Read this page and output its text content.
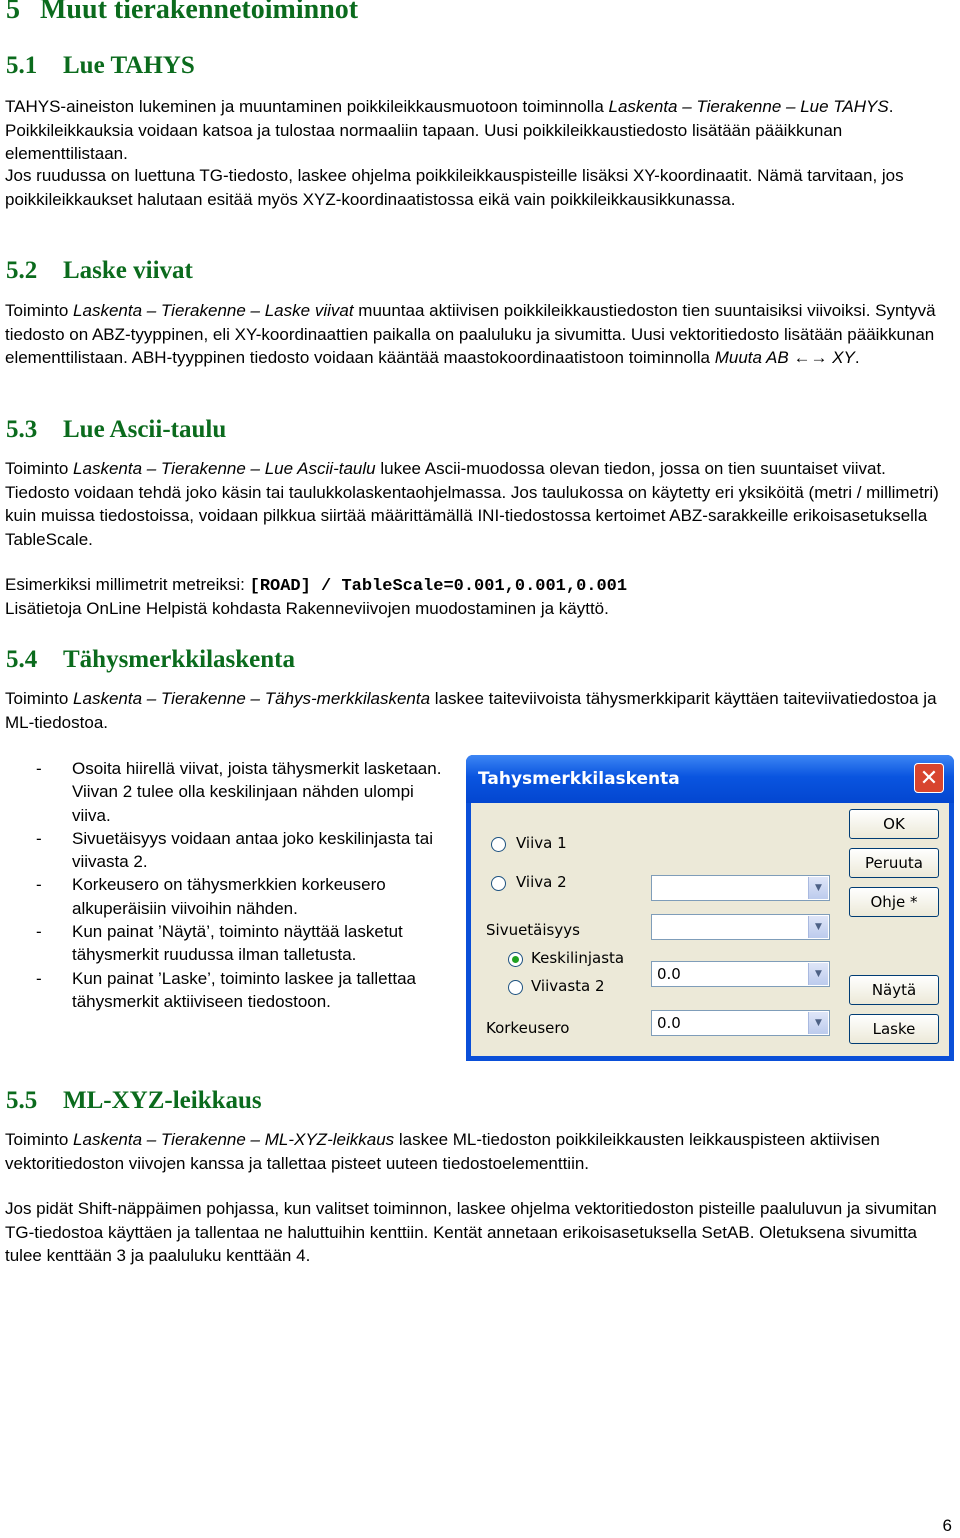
5 Muut tierakennetoiminnot
5.1 Lue TAHYS
TAHYS-aineiston lukeminen ja muuntaminen poikkileikkausmuotoon toiminnolla Laskenta – Tierakenne – Lue TAHYS. Poikkileikkauksia voidaan katsoa ja tulostaa normaaliin tapaan. Uusi poikkileikkaustiedosto lisätään pääikkunan elementtilistaan.
Jos ruudussa on luettuna TG-tiedosto, laskee ohjelma poikkileikkauspisteille lisäksi XY-koordinaatit. Nämä tarvitaan, jos poikkileikkaukset halutaan esitää myös XYZ-koordinaatistossa eikä vain poikkileikkausikkunassa.
5.2 Laske viivat
Toiminto Laskenta – Tierakenne – Laske viivat muuntaa aktiivisen poikkileikkaustiedoston tien suuntaisiksi viivoiksi. Syntyvä tiedosto on ABZ-tyyppinen, eli XY-koordinaattien paikalla on paaluluku ja sivumitta. Uusi vektoritiedosto lisätään pääikkunan elementtilistaan. ABH-tyyppinen tiedosto voidaan kääntää maastokoordinaatistoon toiminnolla Muuta AB ←→ XY.
5.3 Lue Ascii-taulu
Toiminto Laskenta – Tierakenne – Lue Ascii-taulu lukee Ascii-muodossa olevan tiedon, jossa on tien suuntaiset viivat. Tiedosto voidaan tehdä joko käsin tai taulukkolaskentaohjelmassa. Jos taulukossa on käytetty eri yksiköitä (metri / millimetri) kuin muissa tiedostoissa, voidaan pilkkua siirtää määrittämällä INI-tiedostossa kertoimet ABZ-sarakkeille erikoisasetuksella TableScale.
Esimerkiksi millimetrit metreiksi: [ROAD] / TableScale=0.001,0.001,0.001
Lisätietoja OnLine Helpistä kohdasta Rakenneviivojen muodostaminen ja käyttö.
5.4 Tähysmerkkilaskenta
Toiminto Laskenta – Tierakenne – Tähys-merkkilaskenta laskee taiteviivoista tähysmerkkiparit käyttäen taiteviivatiedostoa ja ML-tiedostoa.
- Osoita hiirellä viivat, joista tähysmerkit lasketaan. Viivan 2 tulee olla keskilinjaan nähden ulompi viiva.
- Sivuetäisyys voidaan antaa joko keskilinjasta tai viivasta 2.
- Korkeusero on tähysmerkkien korkeusero alkuperäisiin viivoihin nähden.
- Kun painat ’Näytä’, toiminto näyttää lasketut tähysmerkit ruudussa ilman talletusta.
- Kun painat ’Laske’, toiminto laskee ja tallettaa tähysmerkit aktiiviseen tiedostoon.
Tahysmerkkilaskenta	✕
Viiva 1
▼
Viiva 2
▼
Sivuetäisyys
Keskilinjasta
Viivasta 2
0.0	▼
Korkeusero	0.0	▼
OK
Peruuta
Ohje *
Näytä
Laske
5.5 ML-XYZ-leikkaus
Toiminto Laskenta – Tierakenne – ML-XYZ-leikkaus laskee ML-tiedoston poikkileikkausten leikkauspisteen aktiivisen vektoritiedoston viivojen kanssa ja tallettaa pisteet uuteen tiedostoelementtiin.
Jos pidät Shift-näppäimen pohjassa, kun valitset toiminnon, laskee ohjelma vektoritiedoston pisteille paaluluvun ja sivumitan TG-tiedostoa käyttäen ja tallentaa ne haluttuihin kenttiin. Kentät annetaan erikoisasetuksella SetAB. Oletuksena sivumitta tulee kenttään 3 ja paaluluku kenttään 4.
6
